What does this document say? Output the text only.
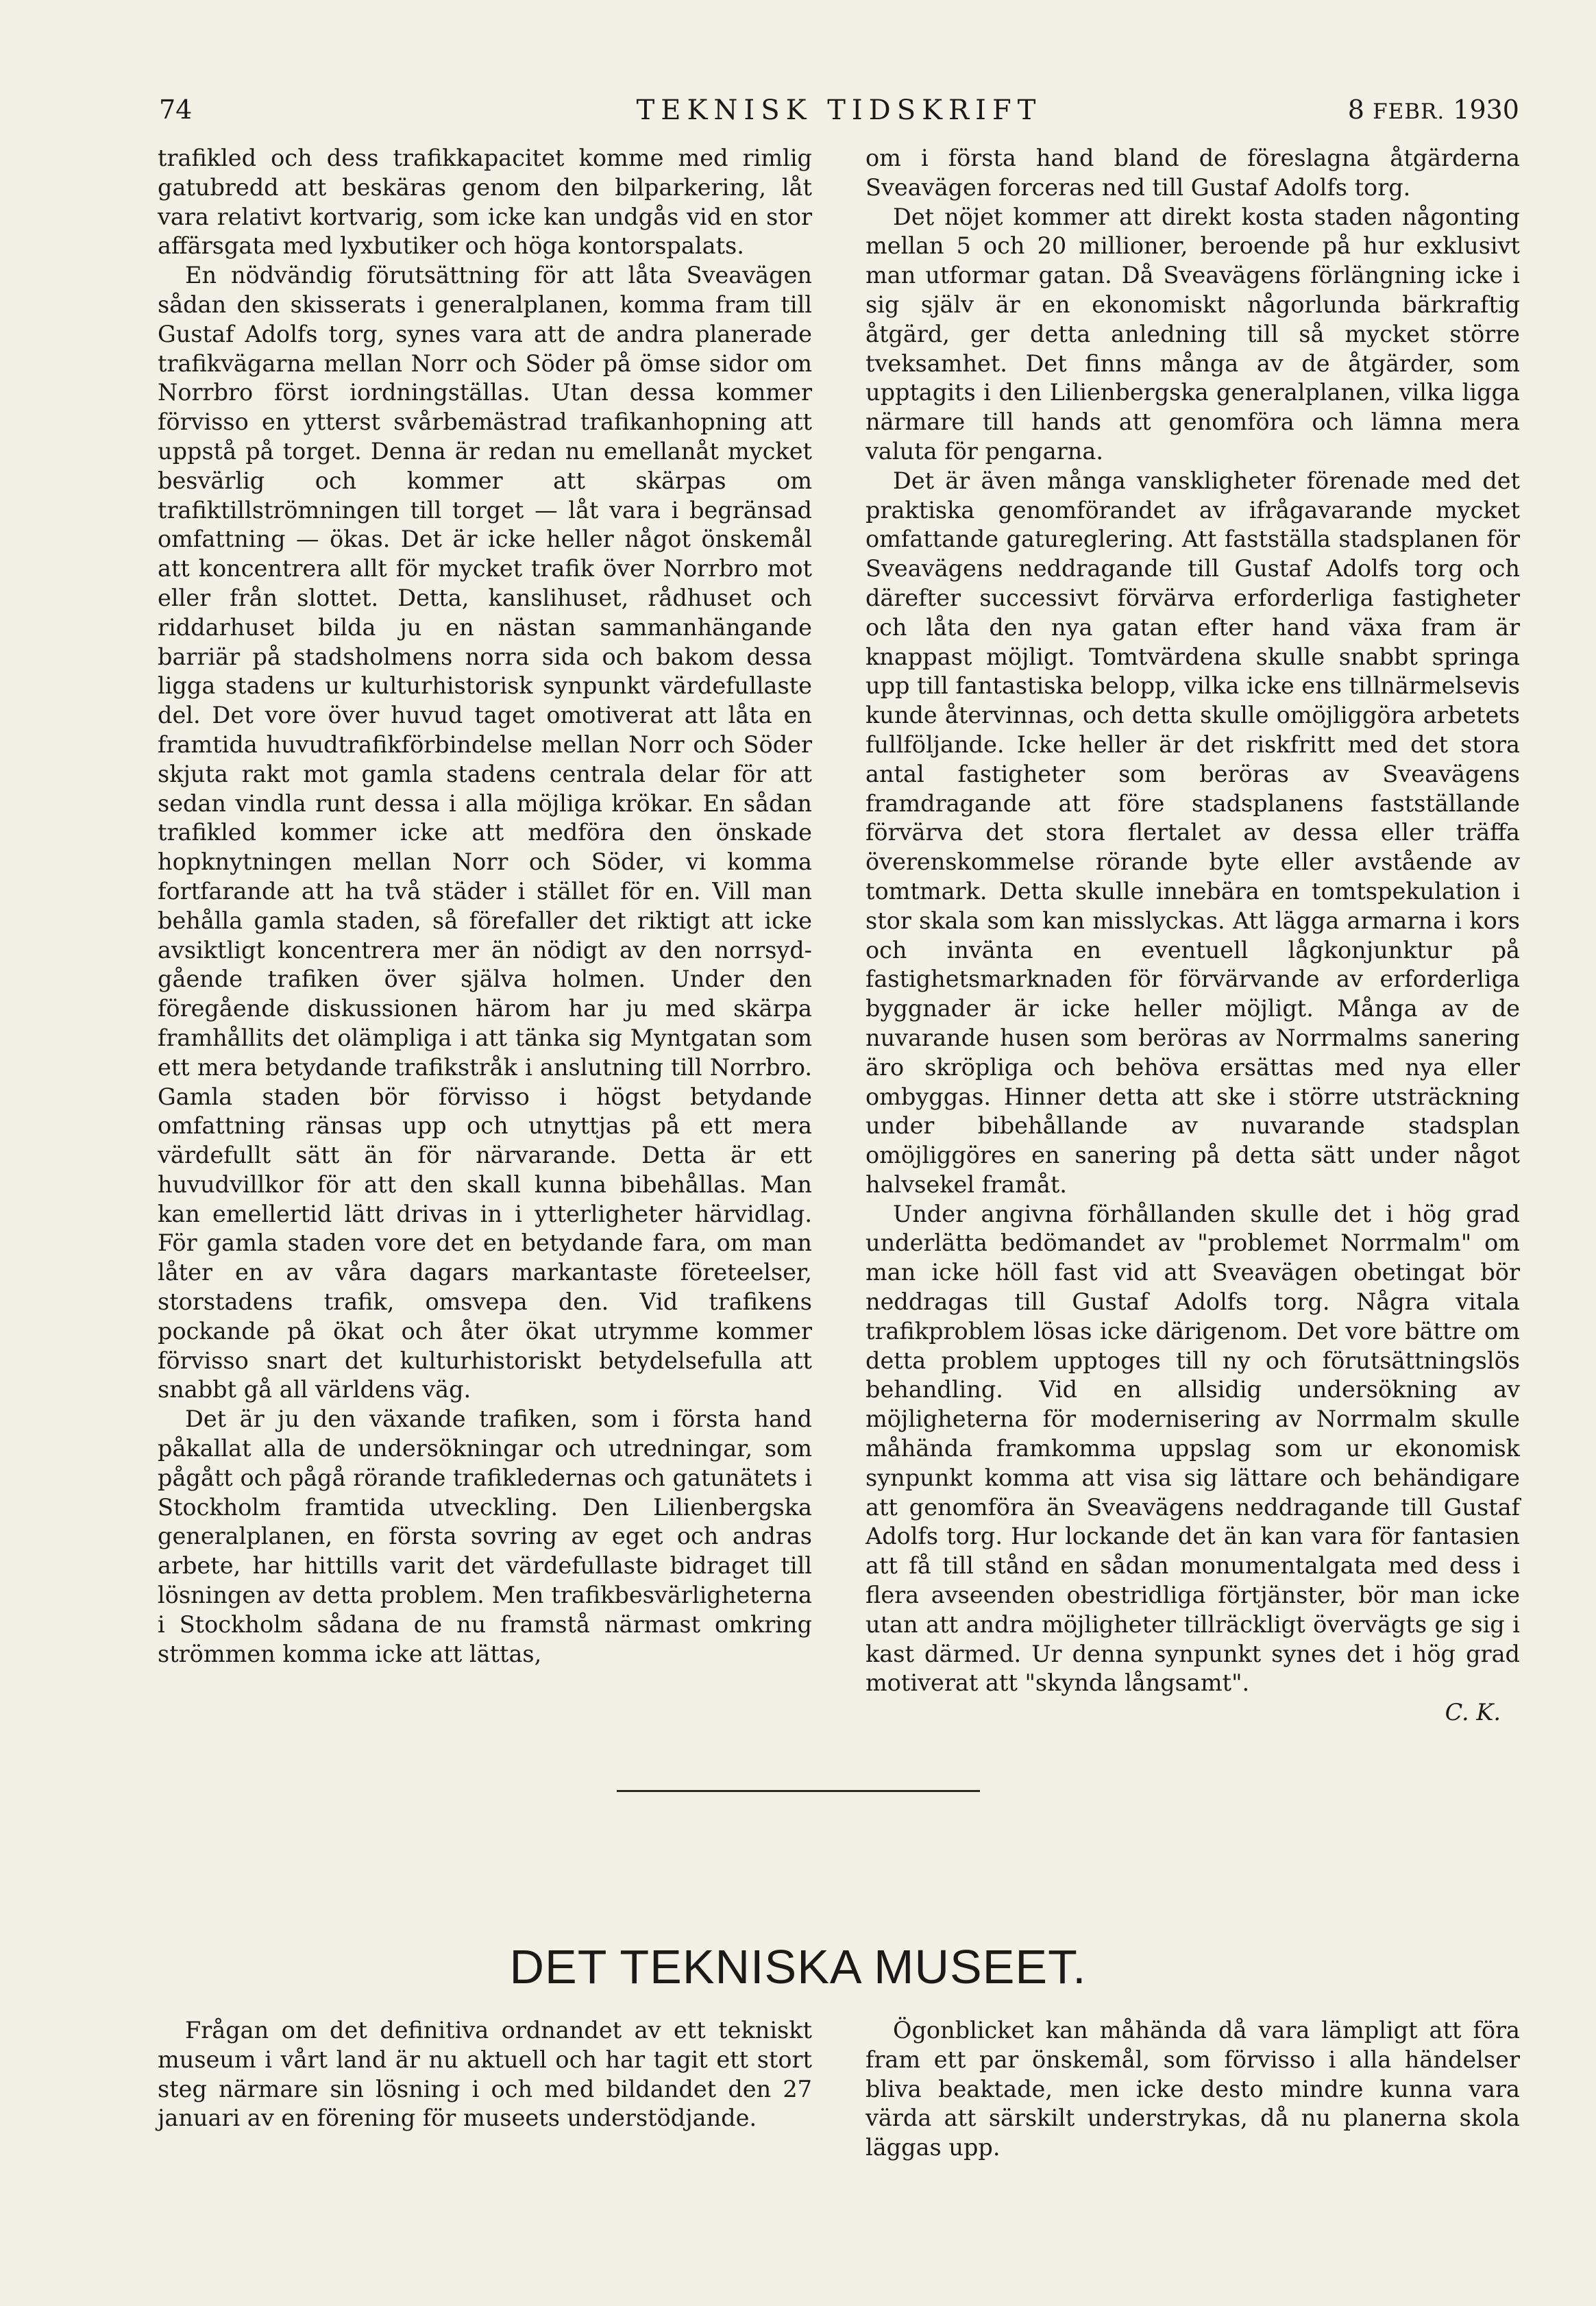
74	TEKNISK TIDSKRIFT	8 FEBR. 1930

trafikled och dess trafikkapacitet komme med rimlig gatubredd att beskäras genom den bilparkering, låt vara relativt kortvarig, som icke kan undgås vid en stor affärsgata med lyxbutiker och höga kontorspalats.

En nödvändig förutsättning för att låta Sveavägen sådan den skisserats i generalplanen, komma fram till Gustaf Adolfs torg, synes vara att de andra planerade trafikvägarna mellan Norr och Söder på ömse sidor om Norrbro först iordningställas. Utan dessa kommer förvisso en ytterst svårbemästrad trafikanhopning att uppstå på torget. Denna är redan nu emellanåt mycket besvärlig och kommer att skärpas om trafiktillströmningen till torget — låt vara i begränsad omfattning — ökas. Det är icke heller något önskemål att koncentrera allt för mycket trafik över Norrbro mot eller från slottet. Detta, kanslihuset, rådhuset och riddarhuset bilda ju en nästan sammanhängande barriär på stadsholmens norra sida och bakom dessa ligga stadens ur kulturhistorisk synpunkt värdefullaste del. Det vore över huvud taget omotiverat att låta en framtida huvudtrafikförbindelse mellan Norr och Söder skjuta rakt mot gamla stadens centrala delar för att sedan vindla runt dessa i alla möjliga krökar. En sådan trafikled kommer icke att medföra den önskade hopknytningen mellan Norr och Söder, vi komma fortfarande att ha två städer i stället för en. Vill man behålla gamla staden, så förefaller det riktigt att icke avsiktligt koncentrera mer än nödigt av den norrsyd-gående trafiken över själva holmen. Under den föregående diskussionen härom har ju med skärpa framhållits det olämpliga i att tänka sig Myntgatan som ett mera betydande trafikstråk i anslutning till Norrbro. Gamla staden bör förvisso i högst betydande omfattning ränsas upp och utnyttjas på ett mera värdefullt sätt än för närvarande. Detta är ett huvudvillkor för att den skall kunna bibehållas. Man kan emellertid lätt drivas in i ytterligheter härvidlag. För gamla staden vore det en betydande fara, om man låter en av våra dagars markantaste företeelser, storstadens trafik, omsvepa den. Vid trafikens pockande på ökat och åter ökat utrymme kommer förvisso snart det kulturhistoriskt betydelsefulla att snabbt gå all världens väg.

Det är ju den växande trafiken, som i första hand påkallat alla de undersökningar och utredningar, som pågått och pågå rörande trafikledernas och gatunätets i Stockholm framtida utveckling. Den Lilienbergska generalplanen, en första sovring av eget och andras arbete, har hittills varit det värdefullaste bidraget till lösningen av detta problem. Men trafikbesvärligheterna i Stockholm sådana de nu framstå närmast omkring strömmen komma icke att lättas,

om i första hand bland de föreslagna åtgärderna Sveavägen forceras ned till Gustaf Adolfs torg.

Det nöjet kommer att direkt kosta staden någonting mellan 5 och 20 millioner, beroende på hur exklusivt man utformar gatan. Då Sveavägens förlängning icke i sig själv är en ekonomiskt någorlunda bärkraftig åtgärd, ger detta anledning till så mycket större tveksamhet. Det finns många av de åtgärder, som upptagits i den Lilienbergska generalplanen, vilka ligga närmare till hands att genomföra och lämna mera valuta för pengarna.

Det är även många vanskligheter förenade med det praktiska genomförandet av ifrågavarande mycket omfattande gatureglering. Att fastställa stadsplanen för Sveavägens neddragande till Gustaf Adolfs torg och därefter successivt förvärva erforderliga fastigheter och låta den nya gatan efter hand växa fram är knappast möjligt. Tomtvärdena skulle snabbt springa upp till fantastiska belopp, vilka icke ens tillnärmelsevis kunde återvinnas, och detta skulle omöjliggöra arbetets fullföljande. Icke heller är det riskfritt med det stora antal fastigheter som beröras av Sveavägens framdragande att före stadsplanens fastställande förvärva det stora flertalet av dessa eller träffa överenskommelse rörande byte eller avstående av tomtmark. Detta skulle innebära en tomtspekulation i stor skala som kan misslyckas. Att lägga armarna i kors och invänta en eventuell lågkonjunktur på fastighetsmarknaden för förvärvande av erforderliga byggnader är icke heller möjligt. Många av de nuvarande husen som beröras av Norrmalms sanering äro skröpliga och behöva ersättas med nya eller ombyggas. Hinner detta att ske i större utsträckning under bibehållande av nuvarande stadsplan omöjliggöres en sanering på detta sätt under något halvsekel framåt.

Under angivna förhållanden skulle det i hög grad underlätta bedömandet av "problemet Norrmalm" om man icke höll fast vid att Sveavägen obetingat bör neddragas till Gustaf Adolfs torg. Några vitala trafikproblem lösas icke därigenom. Det vore bättre om detta problem upptoges till ny och förutsättningslös behandling. Vid en allsidig undersökning av möjligheterna för modernisering av Norrmalm skulle måhända framkomma uppslag som ur ekonomisk synpunkt komma att visa sig lättare och behändigare att genomföra än Sveavägens neddragande till Gustaf Adolfs torg. Hur lockande det än kan vara för fantasien att få till stånd en sådan monumentalgata med dess i flera avseenden obestridliga förtjänster, bör man icke utan att andra möjligheter tillräckligt övervägts ge sig i kast därmed. Ur denna synpunkt synes det i hög grad motiverat att "skynda långsamt".

C. K.

DET TEKNISKA MUSEET.

Frågan om det definitiva ordnandet av ett tekniskt museum i vårt land är nu aktuell och har tagit ett stort steg närmare sin lösning i och med bildandet den 27 januari av en förening för museets understödjande.

Ögonblicket kan måhända då vara lämpligt att föra fram ett par önskemål, som förvisso i alla händelser bliva beaktade, men icke desto mindre kunna vara värda att särskilt understrykas, då nu planerna skola läggas upp.
